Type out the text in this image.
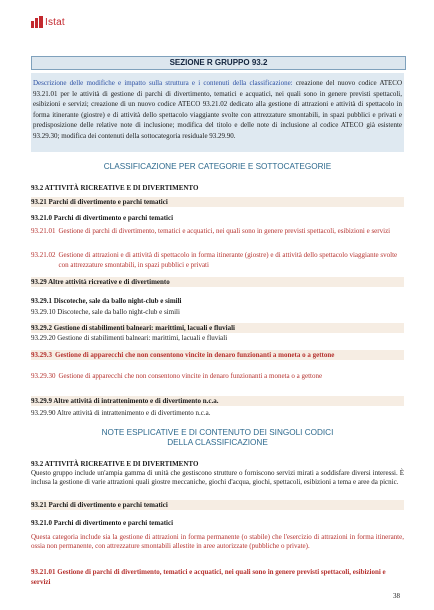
Istat
SEZIONE R GRUPPO 93.2
Descrizione delle modifiche e impatto sulla struttura e i contenuti della classificazione: creazione del nuovo codice ATECO 93.21.01 per le attività di gestione di parchi di divertimento, tematici e acquatici, nei quali sono in genere previsti spettacoli, esibizioni e servizi; creazione di un nuovo codice ATECO 93.21.02 dedicato alla gestione di attrazioni e attività di spettacolo in forma itinerante (giostre) e di attività dello spettacolo viaggiante svolte con attrezzature smontabili, in spazi pubblici e privati e predisposizione delle relative note di inclusione; modifica del titolo e delle note di inclusione al codice ATECO già esistente 93.29.30; modifica dei contenuti della sottocategoria residuale 93.29.90.
CLASSIFICAZIONE PER CATEGORIE E SOTTOCATEGORIE
93.2 ATTIVITÀ RICREATIVE E DI DIVERTIMENTO
93.21 Parchi di divertimento e parchi tematici
93.21.0 Parchi di divertimento e parchi tematici
93.21.01 Gestione di parchi di divertimento, tematici e acquatici, nei quali sono in genere previsti spettacoli, esibizioni e servizi
93.21.02 Gestione di attrazioni e di attività di spettacolo in forma itinerante (giostre) e di attività dello spettacolo viaggiante svolte con attrezzature smontabili, in spazi pubblici e privati
93.29 Altre attività ricreative e di divertimento
93.29.1 Discoteche, sale da ballo night-club e simili
93.29.10 Discoteche, sale da ballo night-club e simili
93.29.2 Gestione di stabilimenti balneari: marittimi, lacuali e fluviali
93.29.20 Gestione di stabilimenti balneari: marittimi, lacuali e fluviali
93.29.3 Gestione di apparecchi che non consentono vincite in denaro funzionanti a moneta o a gettone
93.29.30 Gestione di apparecchi che non consentono vincite in denaro funzionanti a moneta o a gettone
93.29.9 Altre attività di intrattenimento e di divertimento n.c.a.
93.29.90 Altre attività di intrattenimento e di divertimento n.c.a.
NOTE ESPLICATIVE E DI CONTENUTO DEI SINGOLI CODICI
DELLA CLASSIFICAZIONE
93.2 ATTIVITÀ RICREATIVE E DI DIVERTIMENTO
Questo gruppo include un'ampia gamma di unità che gestiscono strutture o forniscono servizi mirati a soddisfare diversi interessi. È inclusa la gestione di varie attrazioni quali giostre meccaniche, giochi d'acqua, giochi, spettacoli, esibizioni a tema e aree da picnic.
93.21 Parchi di divertimento e parchi tematici
93.21.0 Parchi di divertimento e parchi tematici
Questa categoria include sia la gestione di attrazioni in forma permanente (o stabile) che l'esercizio di attrazioni in forma itinerante, ossia non permanente, con attrezzature smontabili allestite in aree autorizzate (pubbliche o private).
93.21.01 Gestione di parchi di divertimento, tematici e acquatici, nei quali sono in genere previsti spettacoli, esibizioni e servizi
38
